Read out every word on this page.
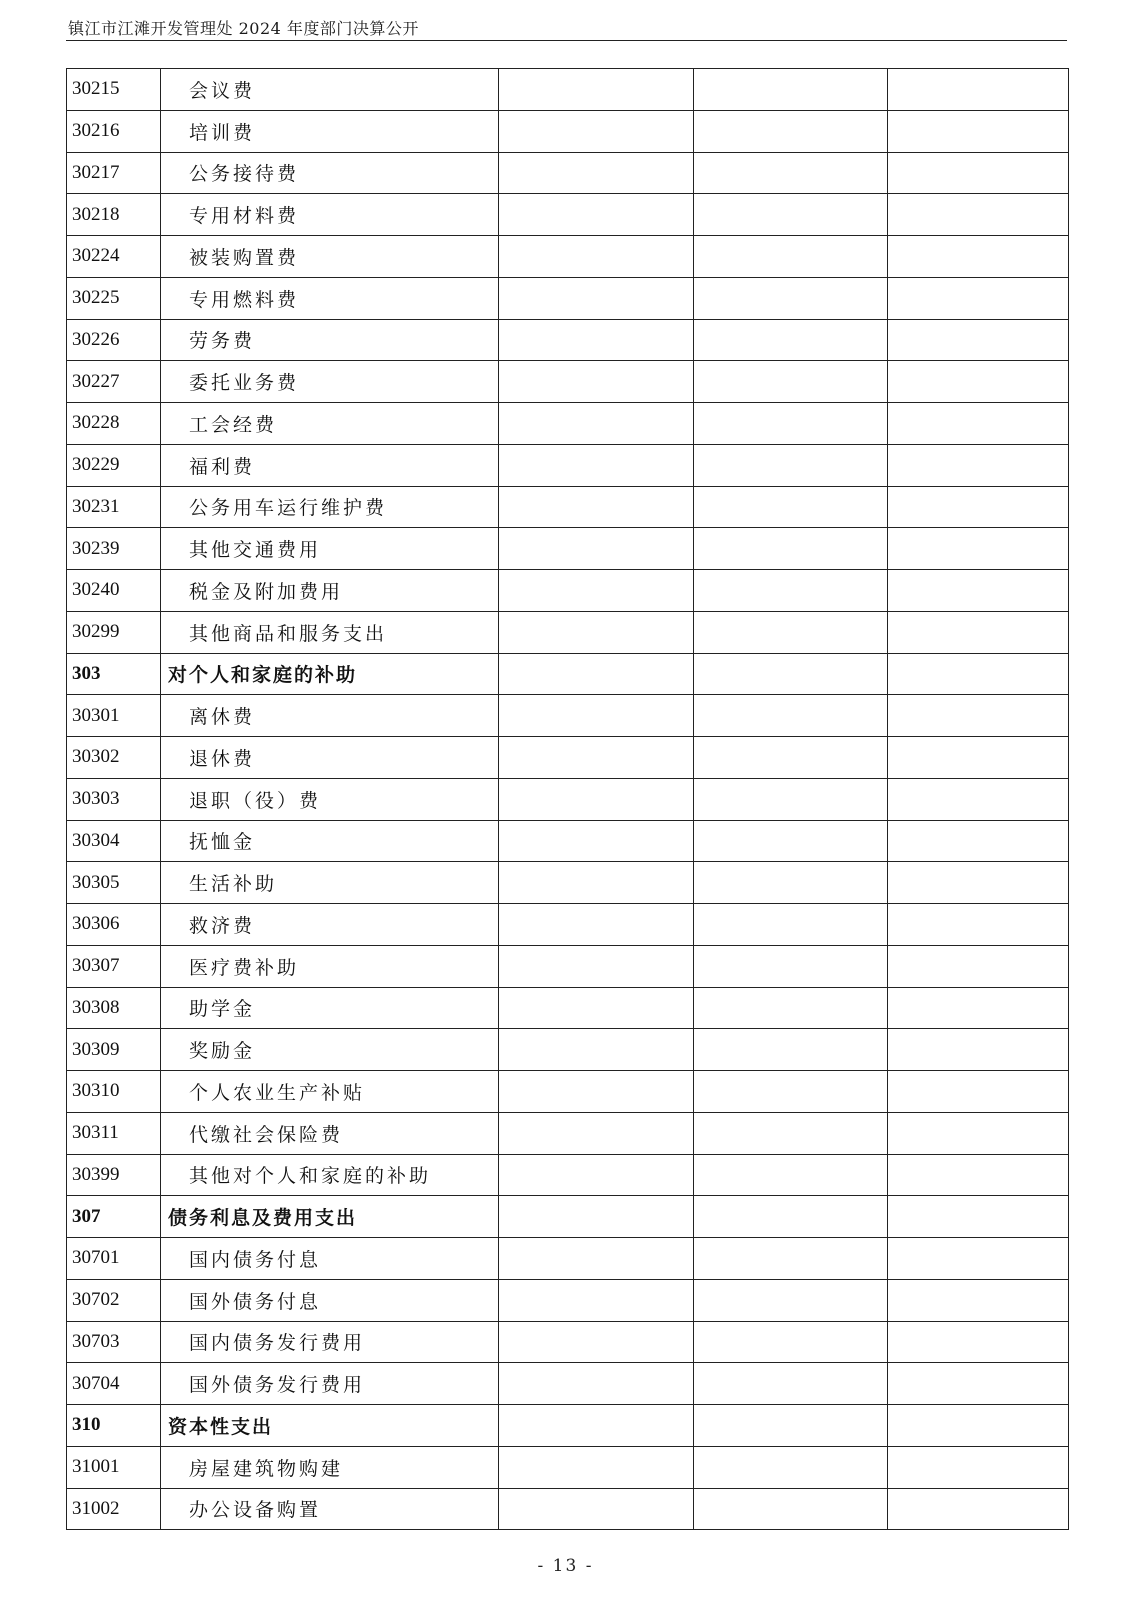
镇江市江滩开发管理处 2024 年度部门决算公开
30215	会议费			
30216	培训费			
30217	公务接待费			
30218	专用材料费			
30224	被装购置费			
30225	专用燃料费			
30226	劳务费			
30227	委托业务费			
30228	工会经费			
30229	福利费			
30231	公务用车运行维护费			
30239	其他交通费用			
30240	税金及附加费用			
30299	其他商品和服务支出			
303	对个人和家庭的补助			
30301	离休费			
30302	退休费			
30303	退职（役）费			
30304	抚恤金			
30305	生活补助			
30306	救济费			
30307	医疗费补助			
30308	助学金			
30309	奖励金			
30310	个人农业生产补贴			
30311	代缴社会保险费			
30399	其他对个人和家庭的补助			
307	债务利息及费用支出			
30701	国内债务付息			
30702	国外债务付息			
30703	国内债务发行费用			
30704	国外债务发行费用			
310	资本性支出			
31001	房屋建筑物购建			
31002	办公设备购置			
- 13 -
